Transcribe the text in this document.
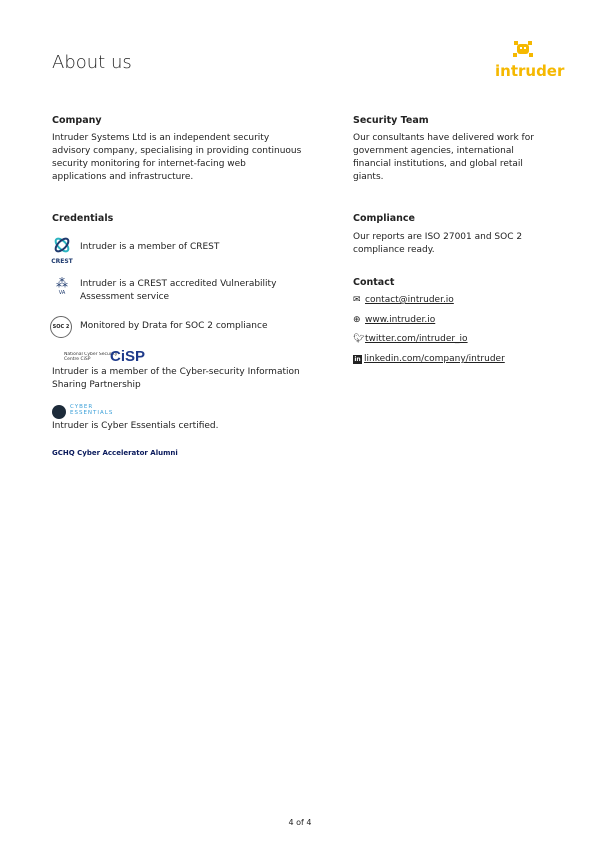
About us	intruder
Company
Intruder Systems Ltd is an independent security advisory company, specialising in providing continuous security monitoring for internet-facing web applications and infrastructure.
Security Team
Our consultants have delivered work for government agencies, international financial institutions, and global retail giants.
Credentials
CREST
Intruder is a member of CREST
⁂
VA
Intruder is a CREST accredited Vulnerability Assessment service
SOC 2 Monitored by Drata for SOC 2 compliance
National Cyber Security Centre CiSP	CiSP
Intruder is a member of the Cyber-security Information Sharing Partnership
CYBER ESSENTIALS
Intruder is Cyber Essentials certified.
GCHQ Cyber Accelerator Alumni
Compliance
Our reports are ISO 27001 and SOC 2 compliance ready.
Contact
✉ contact@intruder.io
⊕ www.intruder.io
🐦︎twitter.com/intruder_io
in linkedin.com/company/intruder
4 of 4
